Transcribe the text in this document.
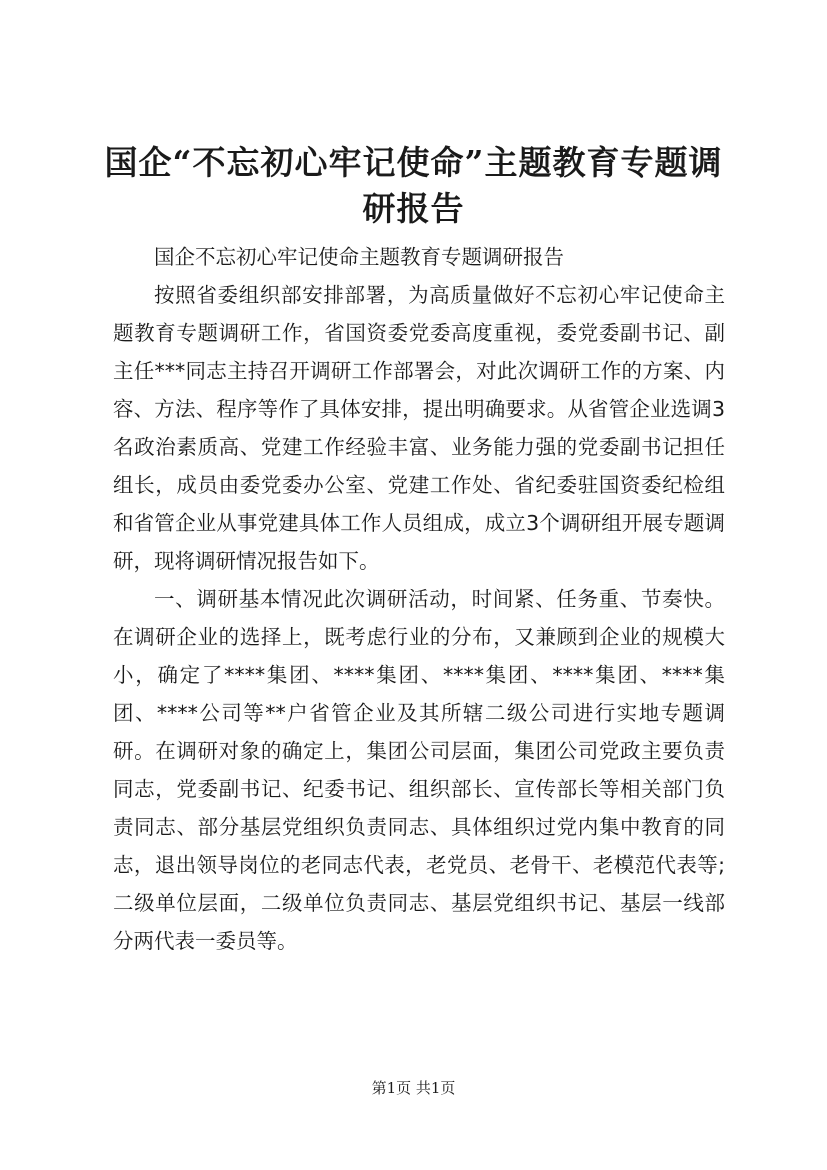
国企“不忘初心牢记使命”主题教育专题调研报告

国企不忘初心牢记使命主题教育专题调研报告

按照省委组织部安排部署，为高质量做好不忘初心牢记使命主题教育专题调研工作，省国资委党委高度重视，委党委副书记、副主任***同志主持召开调研工作部署会，对此次调研工作的方案、内容、方法、程序等作了具体安排，提出明确要求。从省管企业选调3名政治素质高、党建工作经验丰富、业务能力强的党委副书记担任组长，成员由委党委办公室、党建工作处、省纪委驻国资委纪检组和省管企业从事党建具体工作人员组成，成立3个调研组开展专题调研，现将调研情况报告如下。

一、调研基本情况此次调研活动，时间紧、任务重、节奏快。在调研企业的选择上，既考虑行业的分布，又兼顾到企业的规模大小，确定了****集团、****集团、****集团、****集团、****集团、****公司等**户省管企业及其所辖二级公司进行实地专题调研。在调研对象的确定上，集团公司层面，集团公司党政主要负责同志，党委副书记、纪委书记、组织部长、宣传部长等相关部门负责同志、部分基层党组织负责同志、具体组织过党内集中教育的同志，退出领导岗位的老同志代表，老党员、老骨干、老模范代表等;二级单位层面，二级单位负责同志、基层党组织书记、基层一线部分两代表一委员等。

第1页 共1页
